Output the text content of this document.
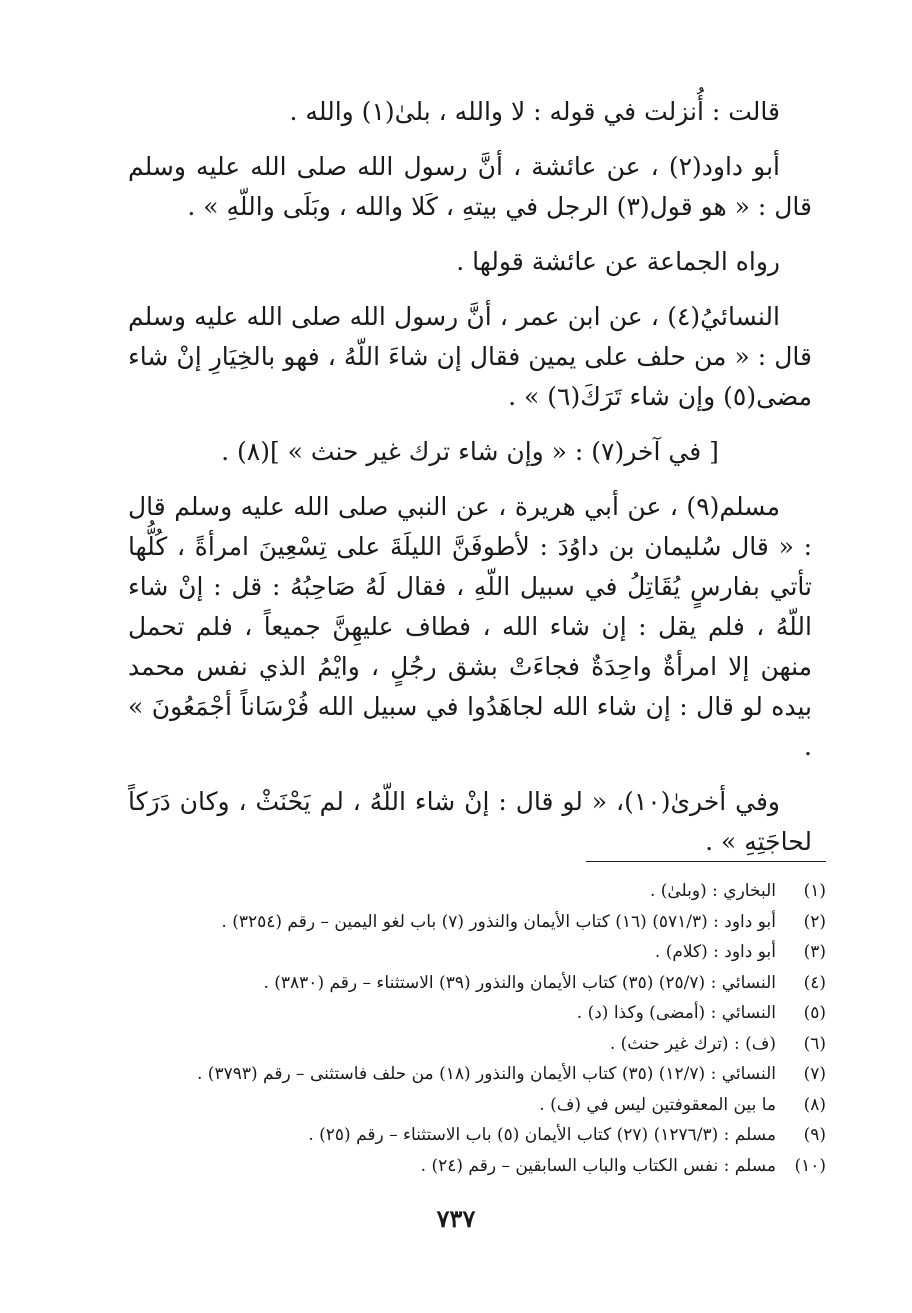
قالت : أُنزلت في قوله : لا والله ، بلىٰ(١) والله .

أبو داود(٢) ، عن عائشة ، أنَّ رسول الله صلى الله عليه وسلم قال : « هو قول(٣) الرجل في بيتهِ ، كَلا والله ، وبَلَى واللّهِ » .

رواه الجماعة عن عائشة قولها .

النسائيُ(٤) ، عن ابن عمر ، أنَّ رسول الله صلى الله عليه وسلم قال : « من حلف على يمين فقال إن شاءَ اللّهُ ، فهو بالخِيَارِ إنْ شاء مضى(٥) وإن شاء تَرَكَ(٦) » .

[ في آخر(٧) : « وإن شاء ترك غير حنث » ](٨) .

مسلم(٩) ، عن أبي هريرة ، عن النبي صلى الله عليه وسلم قال : « قال سُليمان بن داوُدَ : لأطوفَنَّ الليلَةَ على تِسْعِينَ امرأةً ، كُلُّها تأتي بفارسٍ يُقَاتِلُ في سبيل اللّهِ ، فقال لَهُ صَاحِبُهُ : قل : إنْ شاء اللّهُ ، فلم يقل : إن شاء الله ، فطاف عليهِنَّ جميعاً ، فلم تحمل منهن إلا امرأةٌ واحِدَةٌ فجاءَتْ بشق رجُلٍ ، وايْمُ الذي نفس محمد بيده لو قال : إن شاء الله لجاهَدُوا في سبيل الله فُرْسَاناً أجْمَعُونَ » .

وفي أخرىٰ(١٠)، « لو قال : إنْ شاء اللّهُ ، لم يَحْنَثْ ، وكان دَرَكاً لحاجَتِهِ » .

(١)
البخاري : (وبلىٰ) .
(٢)
أبو داود : (٥٧١/٣) (١٦) كتاب الأيمان والنذور (٧) باب لغو اليمين – رقم (٣٢٥٤) .
(٣)
أبو داود : (كلام) .
(٤)
النسائي : (٢٥/٧) (٣٥) كتاب الأيمان والنذور (٣٩) الاستثناء – رقم (٣٨٣٠) .
(٥)
النسائي : (أمضى) وكذا (د) .
(٦)
(ف) : (ترك غير حنث) .
(٧)
النسائي : (١٢/٧) (٣٥) كتاب الأيمان والنذور (١٨) من حلف فاستثنى – رقم (٣٧٩٣) .
(٨)
ما بين المعقوفتين ليس في (ف) .
(٩)
مسلم : (١٢٧٦/٣) (٢٧) كتاب الأيمان (٥) باب الاستثناء – رقم (٢٥) .
(١٠)
مسلم : نفس الكتاب والباب السابقين – رقم (٢٤) .
٧٣٧
